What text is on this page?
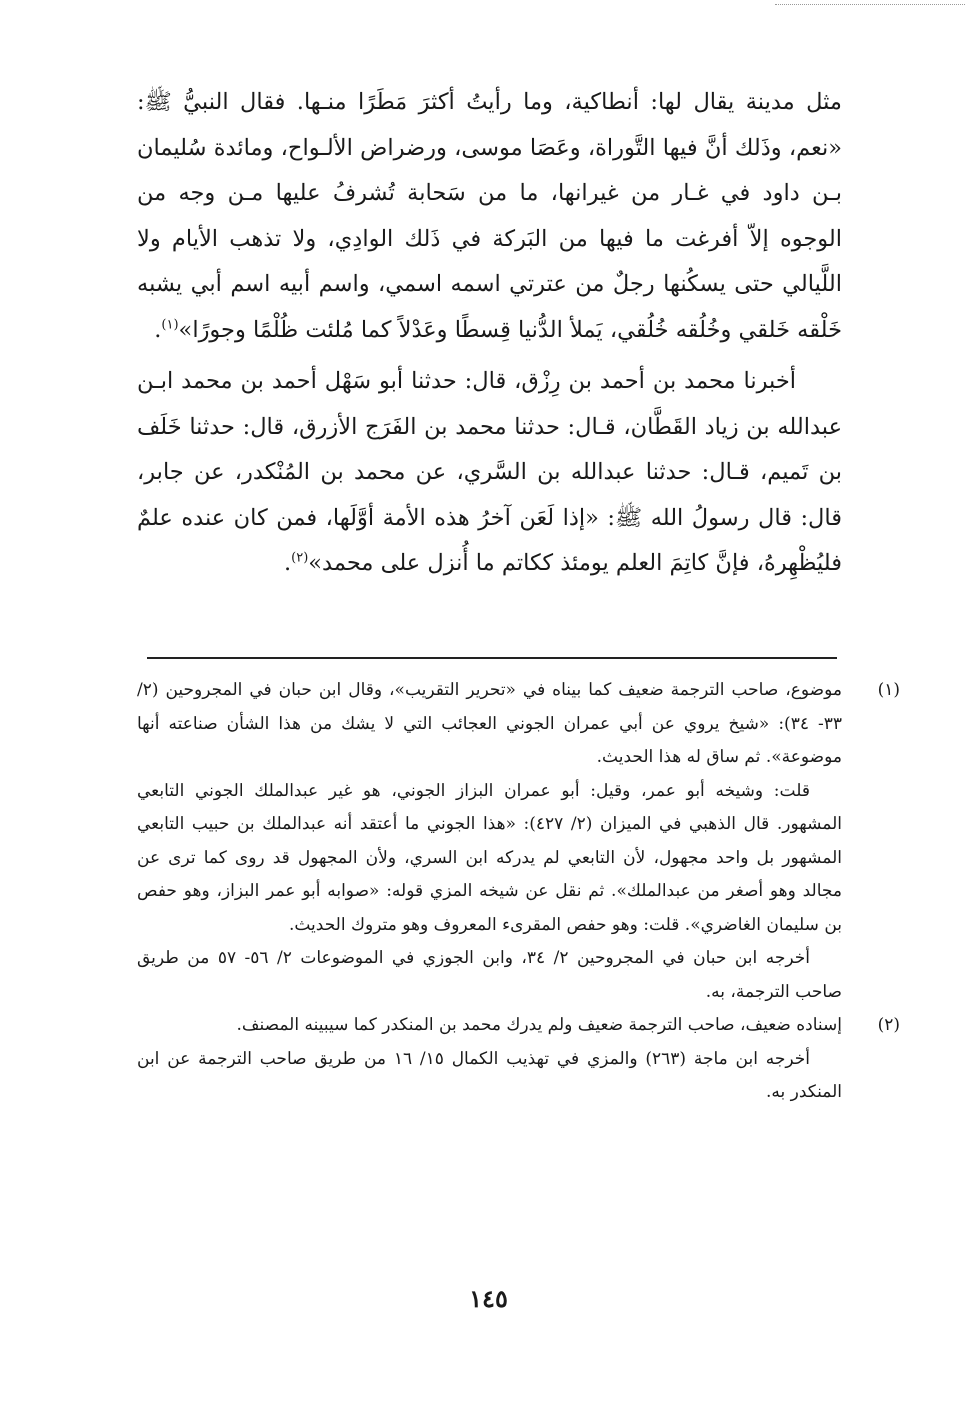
مثل مدينة يقال لها: أنطاكية، وما رأيتُ أكثرَ مَطَرًا منـها. فقال النبيُّ ﷺ: «نعم، وذَلك أنَّ فيها التَّوراة، وعَصَا موسى، ورضراض الألـواح، ومائدة سُليمان بـن داود في غـار من غيرانها، ما من سَحابة تُشرفُ عليها مـن وجه من الوجوه إلاّ أفرغت ما فيها من البَركة في ذَلك الوادِي، ولا تذهب الأيام ولا اللَّيالي حتى يسكُنها رجلٌ من عترتي اسمه اسمي، واسم أبيه اسم أبي يشبه خَلْقه خَلقي وخُلُقه خُلُقي، يَملأ الدُّنيا قِسطًا وعَدْلاً كما مُلئت ظُلْمًا وجورًا»$^{(١)}$.

أخبرنا محمد بن أحمد بن رِزْق، قال: حدثنا أبو سَهْل أحمد بن محمد ابـن عبدالله بن زياد القَطَّان، قـال: حدثنا محمد بن الفَرَج الأزرق، قال: حدثنا خَلَف بن تَميم، قـال: حدثنا عبدالله بن السَّري، عن محمد بن المُنْكدر، عن جابر، قال: قال رسولُ الله ﷺ: «إذا لَعَن آخرُ هذه الأمة أوَّلَها، فمن كان عنده علمٌ فليُظْهِرهُ، فإنَّ كاتِمَ العلم يومئذ ككاتم ما أُنزل على محمد»$^{(٢)}$.

(١)

موضوع، صاحب الترجمة ضعيف كما بيناه في «تحرير التقريب»، وقال ابن حبان في المجروحين (٢/ ٣٣- ٣٤): «شيخ يروي عن أبي عمران الجوني العجائب التي لا يشك من هذا الشأن صناعته أنها موضوعة». ثم ساق له هذا الحديث.

قلت: وشيخه أبو عمر، وقيل: أبو عمران البزاز الجوني، هو غير عبدالملك الجوني التابعي المشهور. قال الذهبي في الميزان (٢/ ٤٢٧): «هذا الجوني ما أعتقد أنه عبدالملك بن حبيب التابعي المشهور بل واحد مجهول، لأن التابعي لم يدركه ابن السري، ولأن المجهول قد روى كما ترى عن مجالد وهو أصغر من عبدالملك». ثم نقل عن شيخه المزي قوله: «صوابه أبو عمر البزاز، وهو حفص بن سليمان الغاضري». قلت: وهو حفص المقرىء المعروف وهو متروك الحديث.

أخرجه ابن حبان في المجروحين ٢/ ٣٤، وابن الجوزي في الموضوعات ٢/ ٥٦- ٥٧ من طريق صاحب الترجمة، به.

(٢)

إسناده ضعيف، صاحب الترجمة ضعيف ولم يدرك محمد بن المنكدر كما سيبينه المصنف.

أخرجه ابن ماجة (٢٦٣) والمزي في تهذيب الكمال ١٥/ ١٦ من طريق صاحب الترجمة عن ابن المنكدر به.

١٤٥
